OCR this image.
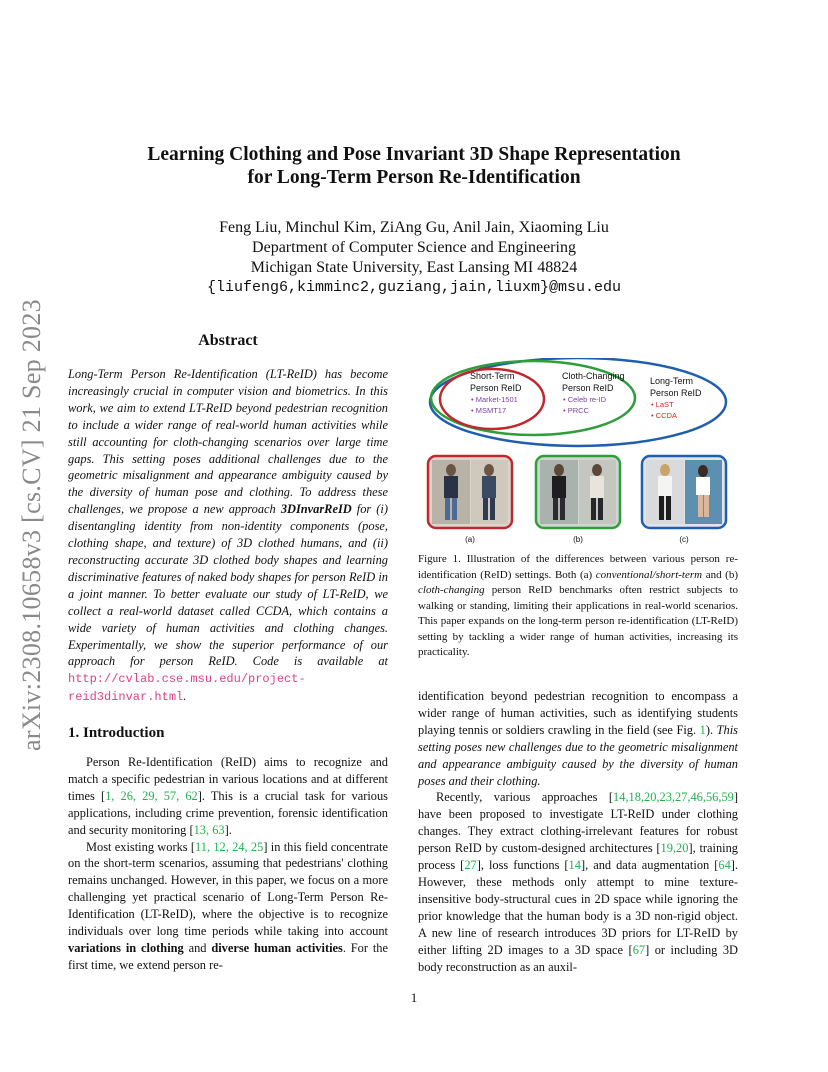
arXiv:2308.10658v3 [cs.CV] 21 Sep 2023
Learning Clothing and Pose Invariant 3D Shape Representation
for Long-Term Person Re-Identification
Feng Liu, Minchul Kim, ZiAng Gu, Anil Jain, Xiaoming Liu
Department of Computer Science and Engineering
Michigan State University, East Lansing MI 48824
{liufeng6,kimminc2,guziang,jain,liuxm}@msu.edu
Abstract
Long-Term Person Re-Identification (LT-ReID) has become increasingly crucial in computer vision and biometrics. In this work, we aim to extend LT-ReID beyond pedestrian recognition to include a wider range of real-world human activities while still accounting for cloth-changing scenarios over large time gaps. This setting poses additional challenges due to the geometric misalignment and appearance ambiguity caused by the diversity of human pose and clothing. To address these challenges, we propose a new approach 3DInvarReID for (i) disentangling identity from non-identity components (pose, clothing shape, and texture) of 3D clothed humans, and (ii) reconstructing accurate 3D clothed body shapes and learning discriminative features of naked body shapes for person ReID in a joint manner. To better evaluate our study of LT-ReID, we collect a real-world dataset called CCDA, which contains a wide variety of human activities and clothing changes. Experimentally, we show the superior performance of our approach for person ReID. Code is available at http://cvlab.cse.msu.edu/project-reid3dinvar.html.
Short-Term
Person ReID
• Market-1501
• MSMT17
Cloth-Changing
Person ReID
• Celeb re-ID
• PRCC
Long-Term
Person ReID
• LaST
• CCDA
(a)	(b)	(c)
Figure 1. Illustration of the differences between various person re-identification (ReID) settings. Both (a) conventional/short-term and (b) cloth-changing person ReID benchmarks often restrict subjects to walking or standing, limiting their applications in real-world scenarios. This paper expands on the long-term person re-identification (LT-ReID) setting by tackling a wider range of human activities, increasing its practicality.
1. Introduction

Person Re-Identification (ReID) aims to recognize and match a specific pedestrian in various locations and at different times [1, 26, 29, 57, 62]. This is a crucial task for various applications, including crime prevention, forensic identification and security monitoring [13, 63].

Most existing works [11, 12, 24, 25] in this field concentrate on the short-term scenarios, assuming that pedestrians' clothing remains unchanged. However, in this paper, we focus on a more challenging yet practical scenario of Long-Term Person Re-Identification (LT-ReID), where the objective is to recognize individuals over long time periods while taking into account variations in clothing and diverse human activities. For the first time, we extend person re-

identification beyond pedestrian recognition to encompass a wider range of human activities, such as identifying students playing tennis or soldiers crawling in the field (see Fig. 1). This setting poses new challenges due to the geometric misalignment and appearance ambiguity caused by the diversity of human poses and their clothing.

Recently, various approaches [14,18,20,23,27,46,56,59] have been proposed to investigate LT-ReID under clothing changes. They extract clothing-irrelevant features for robust person ReID by custom-designed architectures [19,20], training process [27], loss functions [14], and data augmentation [64]. However, these methods only attempt to mine texture-insensitive body-structural cues in 2D space while ignoring the prior knowledge that the human body is a 3D non-rigid object. A new line of research introduces 3D priors for LT-ReID by either lifting 2D images to a 3D space [67] or including 3D body reconstruction as an auxil-

1
